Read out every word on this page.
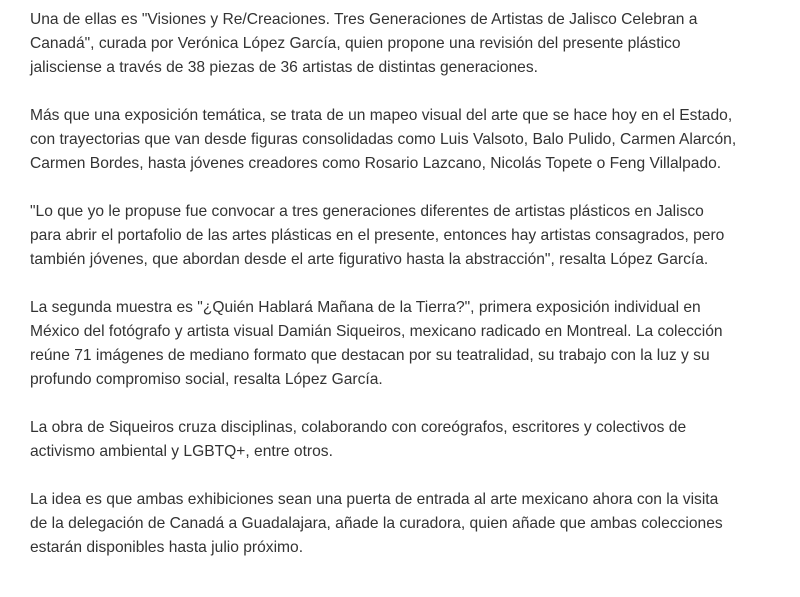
Una de ellas es "Visiones y Re/Creaciones. Tres Generaciones de Artistas de Jalisco Celebran a
Canadá", curada por Verónica López García, quien propone una revisión del presente plástico
jalisciense a través de 38 piezas de 36 artistas de distintas generaciones.

Más que una exposición temática, se trata de un mapeo visual del arte que se hace hoy en el Estado,
con trayectorias que van desde figuras consolidadas como Luis Valsoto, Balo Pulido, Carmen Alarcón,
Carmen Bordes, hasta jóvenes creadores como Rosario Lazcano, Nicolás Topete o Feng Villalpado.

"Lo que yo le propuse fue convocar a tres generaciones diferentes de artistas plásticos en Jalisco
para abrir el portafolio de las artes plásticas en el presente, entonces hay artistas consagrados, pero
también jóvenes, que abordan desde el arte figurativo hasta la abstracción", resalta López García.

La segunda muestra es "¿Quién Hablará Mañana de la Tierra?", primera exposición individual en
México del fotógrafo y artista visual Damián Siqueiros, mexicano radicado en Montreal. La colección
reúne 71 imágenes de mediano formato que destacan por su teatralidad, su trabajo con la luz y su
profundo compromiso social, resalta López García.

La obra de Siqueiros cruza disciplinas, colaborando con coreógrafos, escritores y colectivos de
activismo ambiental y LGBTQ+, entre otros.

La idea es que ambas exhibiciones sean una puerta de entrada al arte mexicano ahora con la visita
de la delegación de Canadá a Guadalajara, añade la curadora, quien añade que ambas colecciones
estarán disponibles hasta julio próximo.
